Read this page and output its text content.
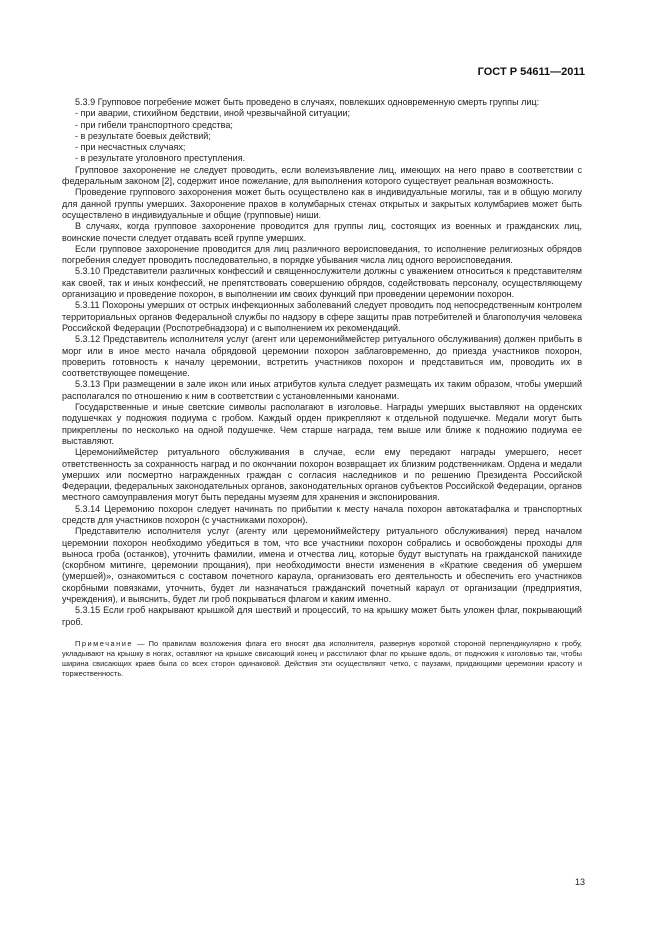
ГОСТ Р 54611—2011

5.3.9 Групповое погребение может быть проведено в случаях, повлекших одновременную смерть группы лиц:

- при аварии, стихийном бедствии, иной чрезвычайной ситуации;
- при гибели транспортного средства;
- в результате боевых действий;
- при несчастных случаях;
- в результате уголовного преступления.

Групповое захоронение не следует проводить, если волеизъявление лиц, имеющих на него право в соответствии с федеральным законом [2], содержит иное пожелание, для выполнения которого существует реальная возможность.

Проведение группового захоронения может быть осуществлено как в индивидуальные могилы, так и в общую могилу для данной группы умерших. Захоронение прахов в колумбарных стенах открытых и закрытых колумбариев может быть осуществлено в индивидуальные и общие (групповые) ниши.

В случаях, когда групповое захоронение проводится для группы лиц, состоящих из военных и гражданских лиц, воинские почести следует отдавать всей группе умерших.

Если групповое захоронение проводится для лиц различного вероисповедания, то исполнение религиозных обрядов погребения следует проводить последовательно, в порядке убывания числа лиц одного вероисповедания.

5.3.10 Представители различных конфессий и священнослужители должны с уважением относиться к представителям как своей, так и иных конфессий, не препятствовать совершению обрядов, содействовать персоналу, осуществляющему организацию и проведение похорон, в выполнении им своих функций при проведении церемонии похорон.

5.3.11 Похороны умерших от острых инфекционных заболеваний следует проводить под непосредственным контролем территориальных органов Федеральной службы по надзору в сфере защиты прав потребителей и благополучия человека Российской Федерации (Роспотребнадзора) и с выполнением их рекомендаций.

5.3.12 Представитель исполнителя услуг (агент или церемониймейстер ритуального обслуживания) должен прибыть в морг или в иное место начала обрядовой церемонии похорон заблаговременно, до приезда участников похорон, проверить готовность к началу церемонии, встретить участников похорон и представиться им, проводить их в соответствующее помещение.

5.3.13 При размещении в зале икон или иных атрибутов культа следует размещать их таким образом, чтобы умерший располагался по отношению к ним в соответствии с установленными канонами.

Государственные и иные светские символы располагают в изголовье. Награды умерших выставляют на орденских подушечках у подножия подиума с гробом. Каждый орден прикрепляют к отдельной подушечке. Медали могут быть прикреплены по несколько на одной подушечке. Чем старше награда, тем выше или ближе к подножию подиума ее выставляют.

Церемониймейстер ритуального обслуживания в случае, если ему передают награды умершего, несет ответственность за сохранность наград и по окончании похорон возвращает их близким родственникам. Ордена и медали умерших или посмертно награжденных граждан с согласия наследников и по решению Президента Российской Федерации, федеральных законодательных органов, законодательных органов субъектов Российской Федерации, органов местного самоуправления могут быть переданы музеям для хранения и экспонирования.

5.3.14 Церемонию похорон следует начинать по прибытии к месту начала похорон автокатафалка и транспортных средств для участников похорон (с участниками похорон).

Представителю исполнителя услуг (агенту или церемониймейстеру ритуального обслуживания) перед началом церемонии похорон необходимо убедиться в том, что все участники похорон собрались и освобождены проходы для выноса гроба (останков), уточнить фамилии, имена и отчества лиц, которые будут выступать на гражданской панихиде (скорбном митинге, церемонии прощания), при необходимости внести изменения в «Краткие сведения об умершем (умершей)», ознакомиться с составом почетного караула, организовать его деятельность и обеспечить его участников скорбными повязками, уточнить, будет ли назначаться гражданский почетный караул от организации (предприятия, учреждения), и выяснить, будет ли гроб покрываться флагом и каким именно.

5.3.15 Если гроб накрывают крышкой для шествий и процессий, то на крышку может быть уложен флаг, покрывающий гроб.

Примечание — По правилам возложения флага его вносят два исполнителя, развернув короткой стороной перпендикулярно к гробу, укладывают на крышку в ногах, оставляют на крышке свисающий конец и расстилают флаг по крышке вдоль, от подножия к изголовью так, чтобы ширина свисающих краев была со всех сторон одинаковой. Действия эти осуществляют четко, с паузами, придающими церемонии красоту и торжественность.
13
